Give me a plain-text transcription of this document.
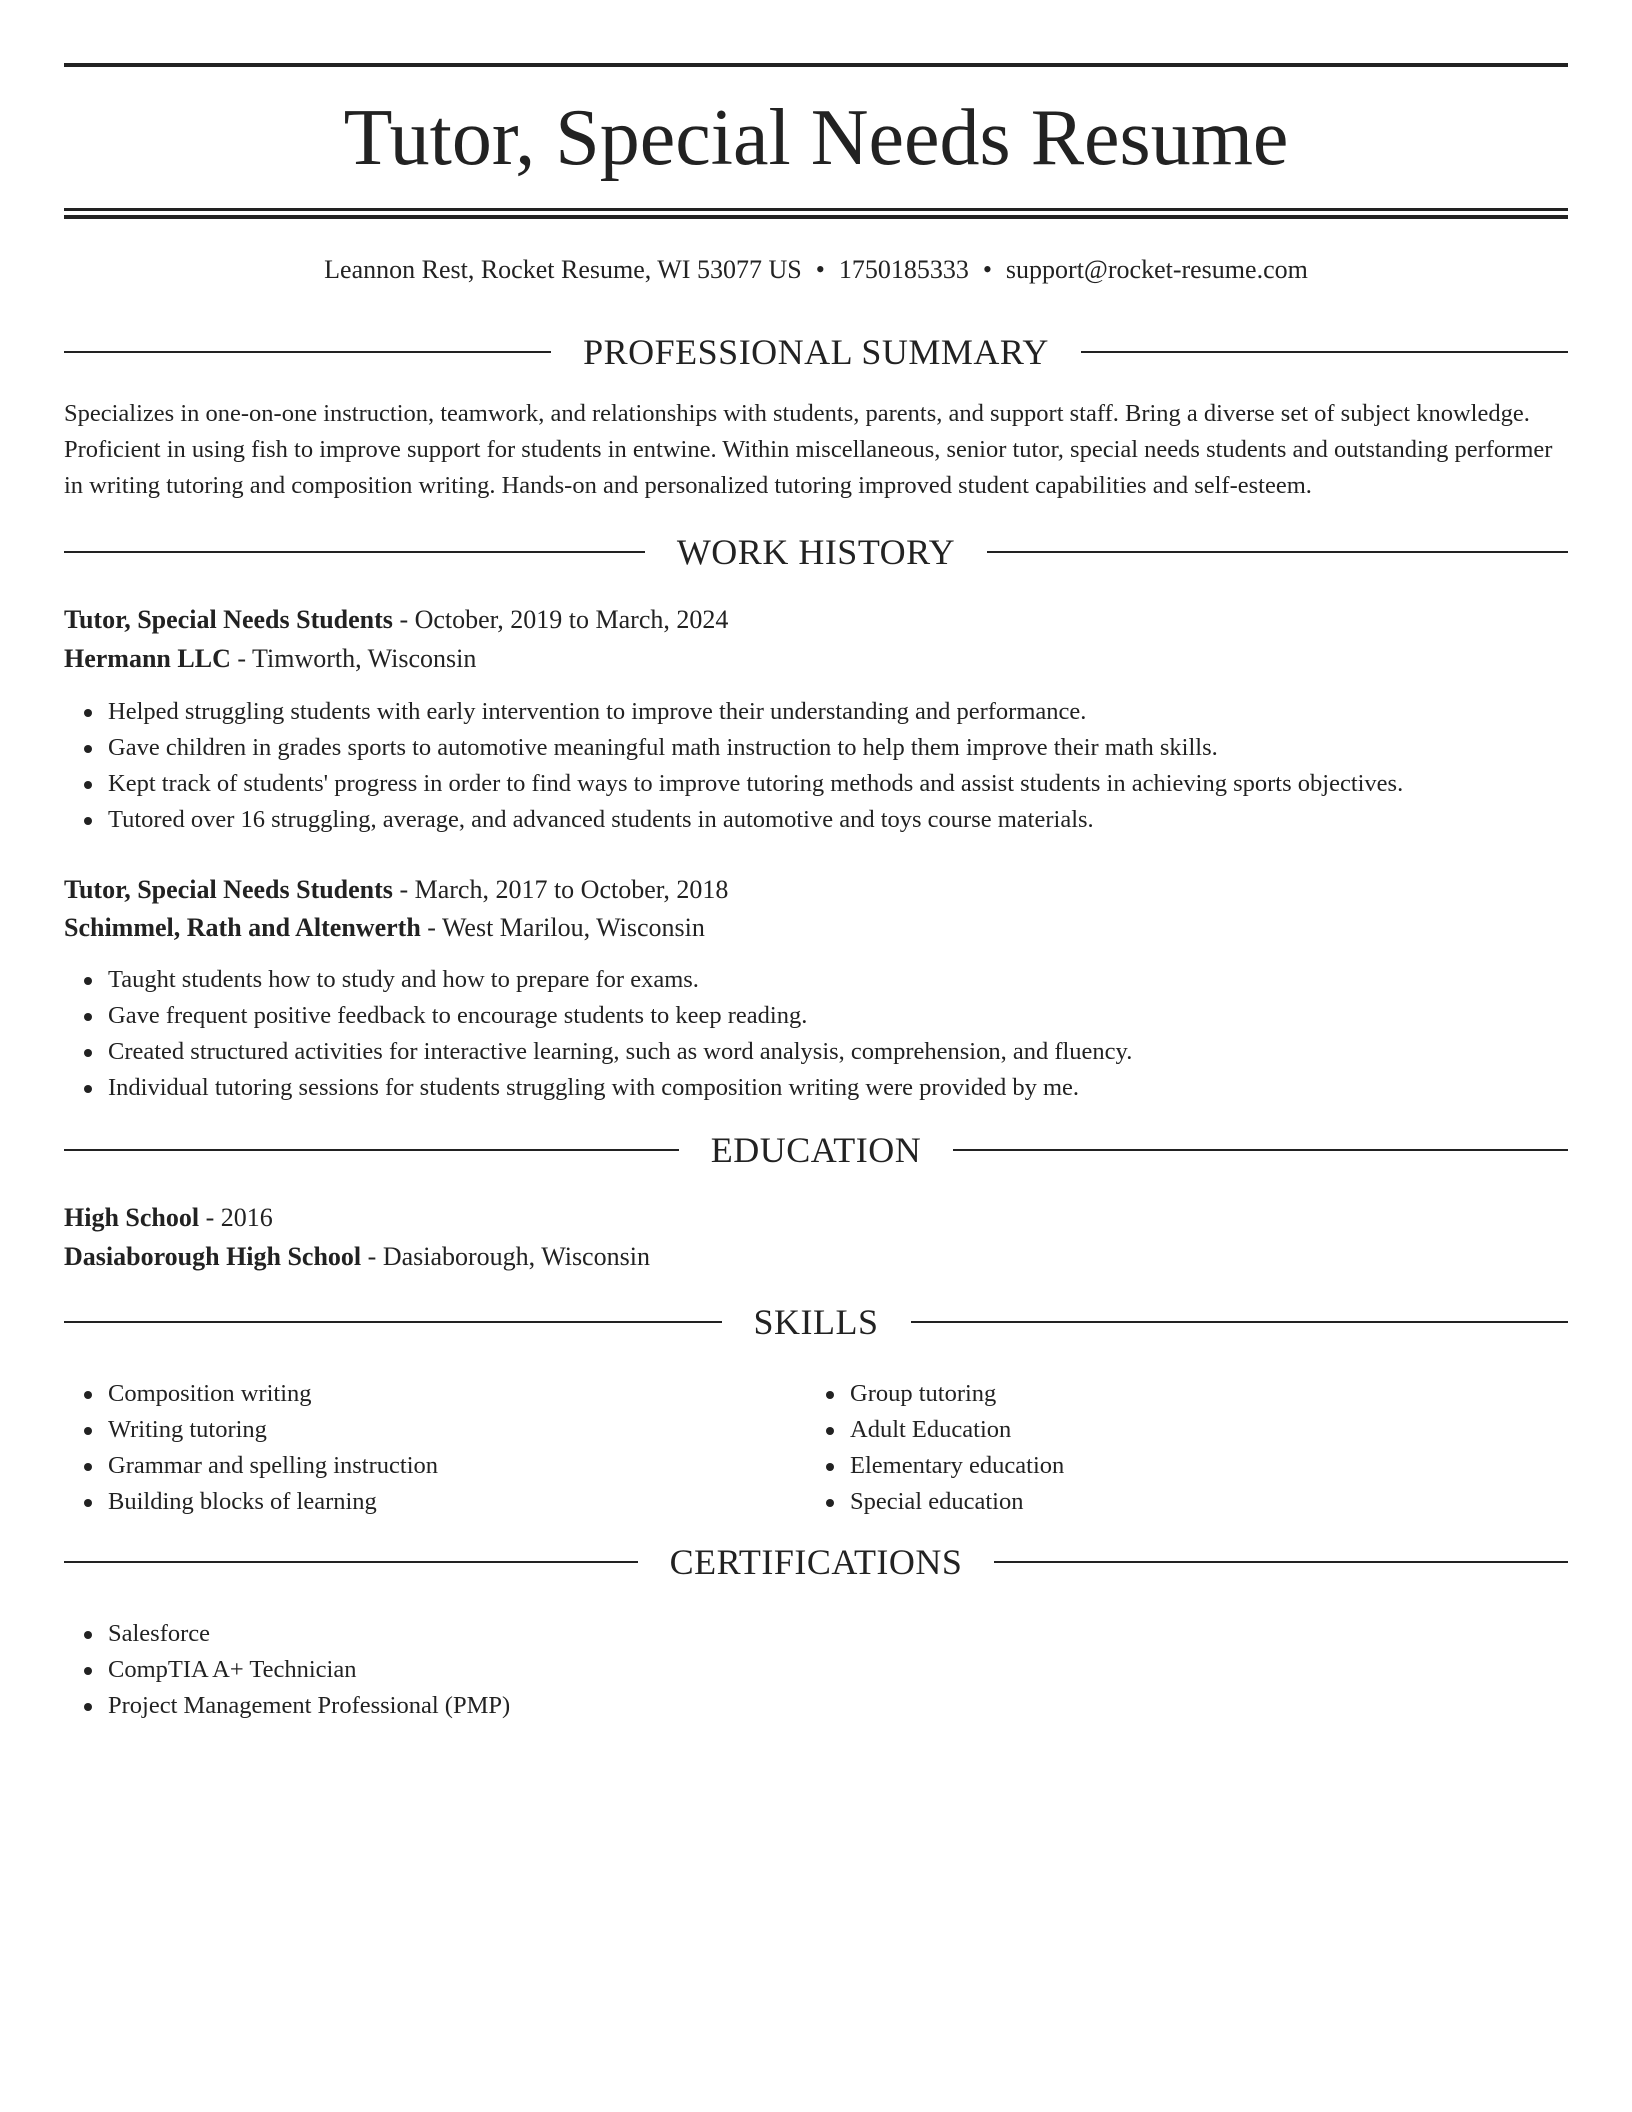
Tutor, Special Needs Resume
Leannon Rest, Rocket Resume, WI 53077 US • 1750185333 • support@rocket-resume.com
PROFESSIONAL SUMMARY
Specializes in one-on-one instruction, teamwork, and relationships with students, parents, and support staff. Bring a diverse set of subject knowledge. Proficient in using fish to improve support for students in entwine. Within miscellaneous, senior tutor, special needs students and outstanding performer in writing tutoring and composition writing. Hands-on and personalized tutoring improved student capabilities and self-esteem.
WORK HISTORY
Tutor, Special Needs Students - October, 2019 to March, 2024
Hermann LLC - Timworth, Wisconsin
Helped struggling students with early intervention to improve their understanding and performance.
Gave children in grades sports to automotive meaningful math instruction to help them improve their math skills.
Kept track of students' progress in order to find ways to improve tutoring methods and assist students in achieving sports objectives.
Tutored over 16 struggling, average, and advanced students in automotive and toys course materials.
Tutor, Special Needs Students - March, 2017 to October, 2018
Schimmel, Rath and Altenwerth - West Marilou, Wisconsin
Taught students how to study and how to prepare for exams.
Gave frequent positive feedback to encourage students to keep reading.
Created structured activities for interactive learning, such as word analysis, comprehension, and fluency.
Individual tutoring sessions for students struggling with composition writing were provided by me.
EDUCATION
High School - 2016
Dasiaborough High School - Dasiaborough, Wisconsin
SKILLS
Composition writing
Writing tutoring
Grammar and spelling instruction
Building blocks of learning
Group tutoring
Adult Education
Elementary education
Special education
CERTIFICATIONS
Salesforce
CompTIA A+ Technician
Project Management Professional (PMP)
